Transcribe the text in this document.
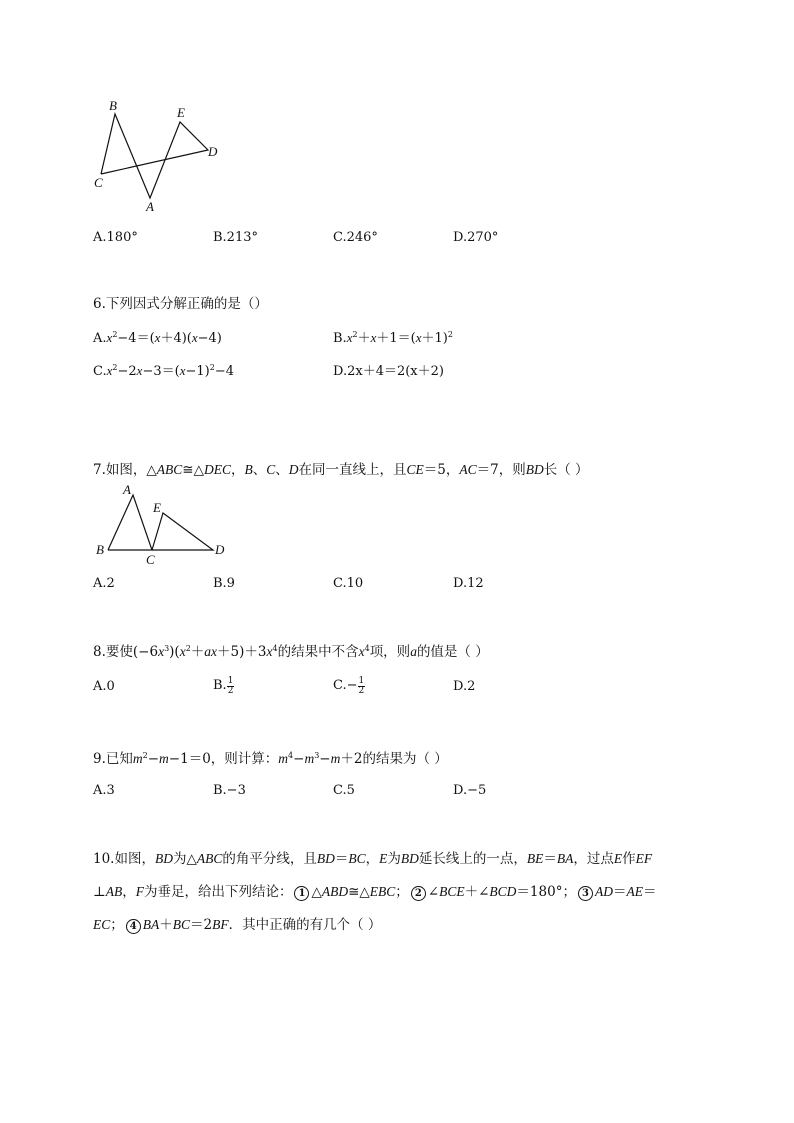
B	E
D
C
A
A.180°	B.213°	C.246°	D.270°
6.下列因式分解正确的是（）
$A.x^2-4=(x+4)(x-4)$	$B.x^2+x+1=(x+1)^2$
$C.x^2-2x-3=(x-1)^2-4$	D.2x＋4＝2(x＋2)
7.如图，△ABC≅△DEC，B、C、D在同一直线上，且CE＝5，AC＝7，则BD长（ ）
A
E
B
C
D
A.2	B.9	C.10	D.12
8.要使$(-6x^3)(x^2+ax+5)+3x^4$的结果中不含$x^4$项，则a的值是（ ）
A.0	B. $\frac{1}{2}$	$C.- \frac{1}{2}$	D.2
9.已知$m^2-m-1=0$，则计算：$m^4-m^3-m+2$的结果为（ ）
A.3	B.−3	C.5	D.−5
10.如图，BD为△ABC的角平分线，且BD＝BC，E为BD延长线上的一点，BE＝BA，过点E作EF
⊥AB，F为垂足，给出下列结论： 1 △ABD≅△EBC； 2 ∠BCE＋∠BCD＝180°； 3 AD＝AE＝
EC； 4 BA＋BC＝2BF．其中正确的有几个（ ）
